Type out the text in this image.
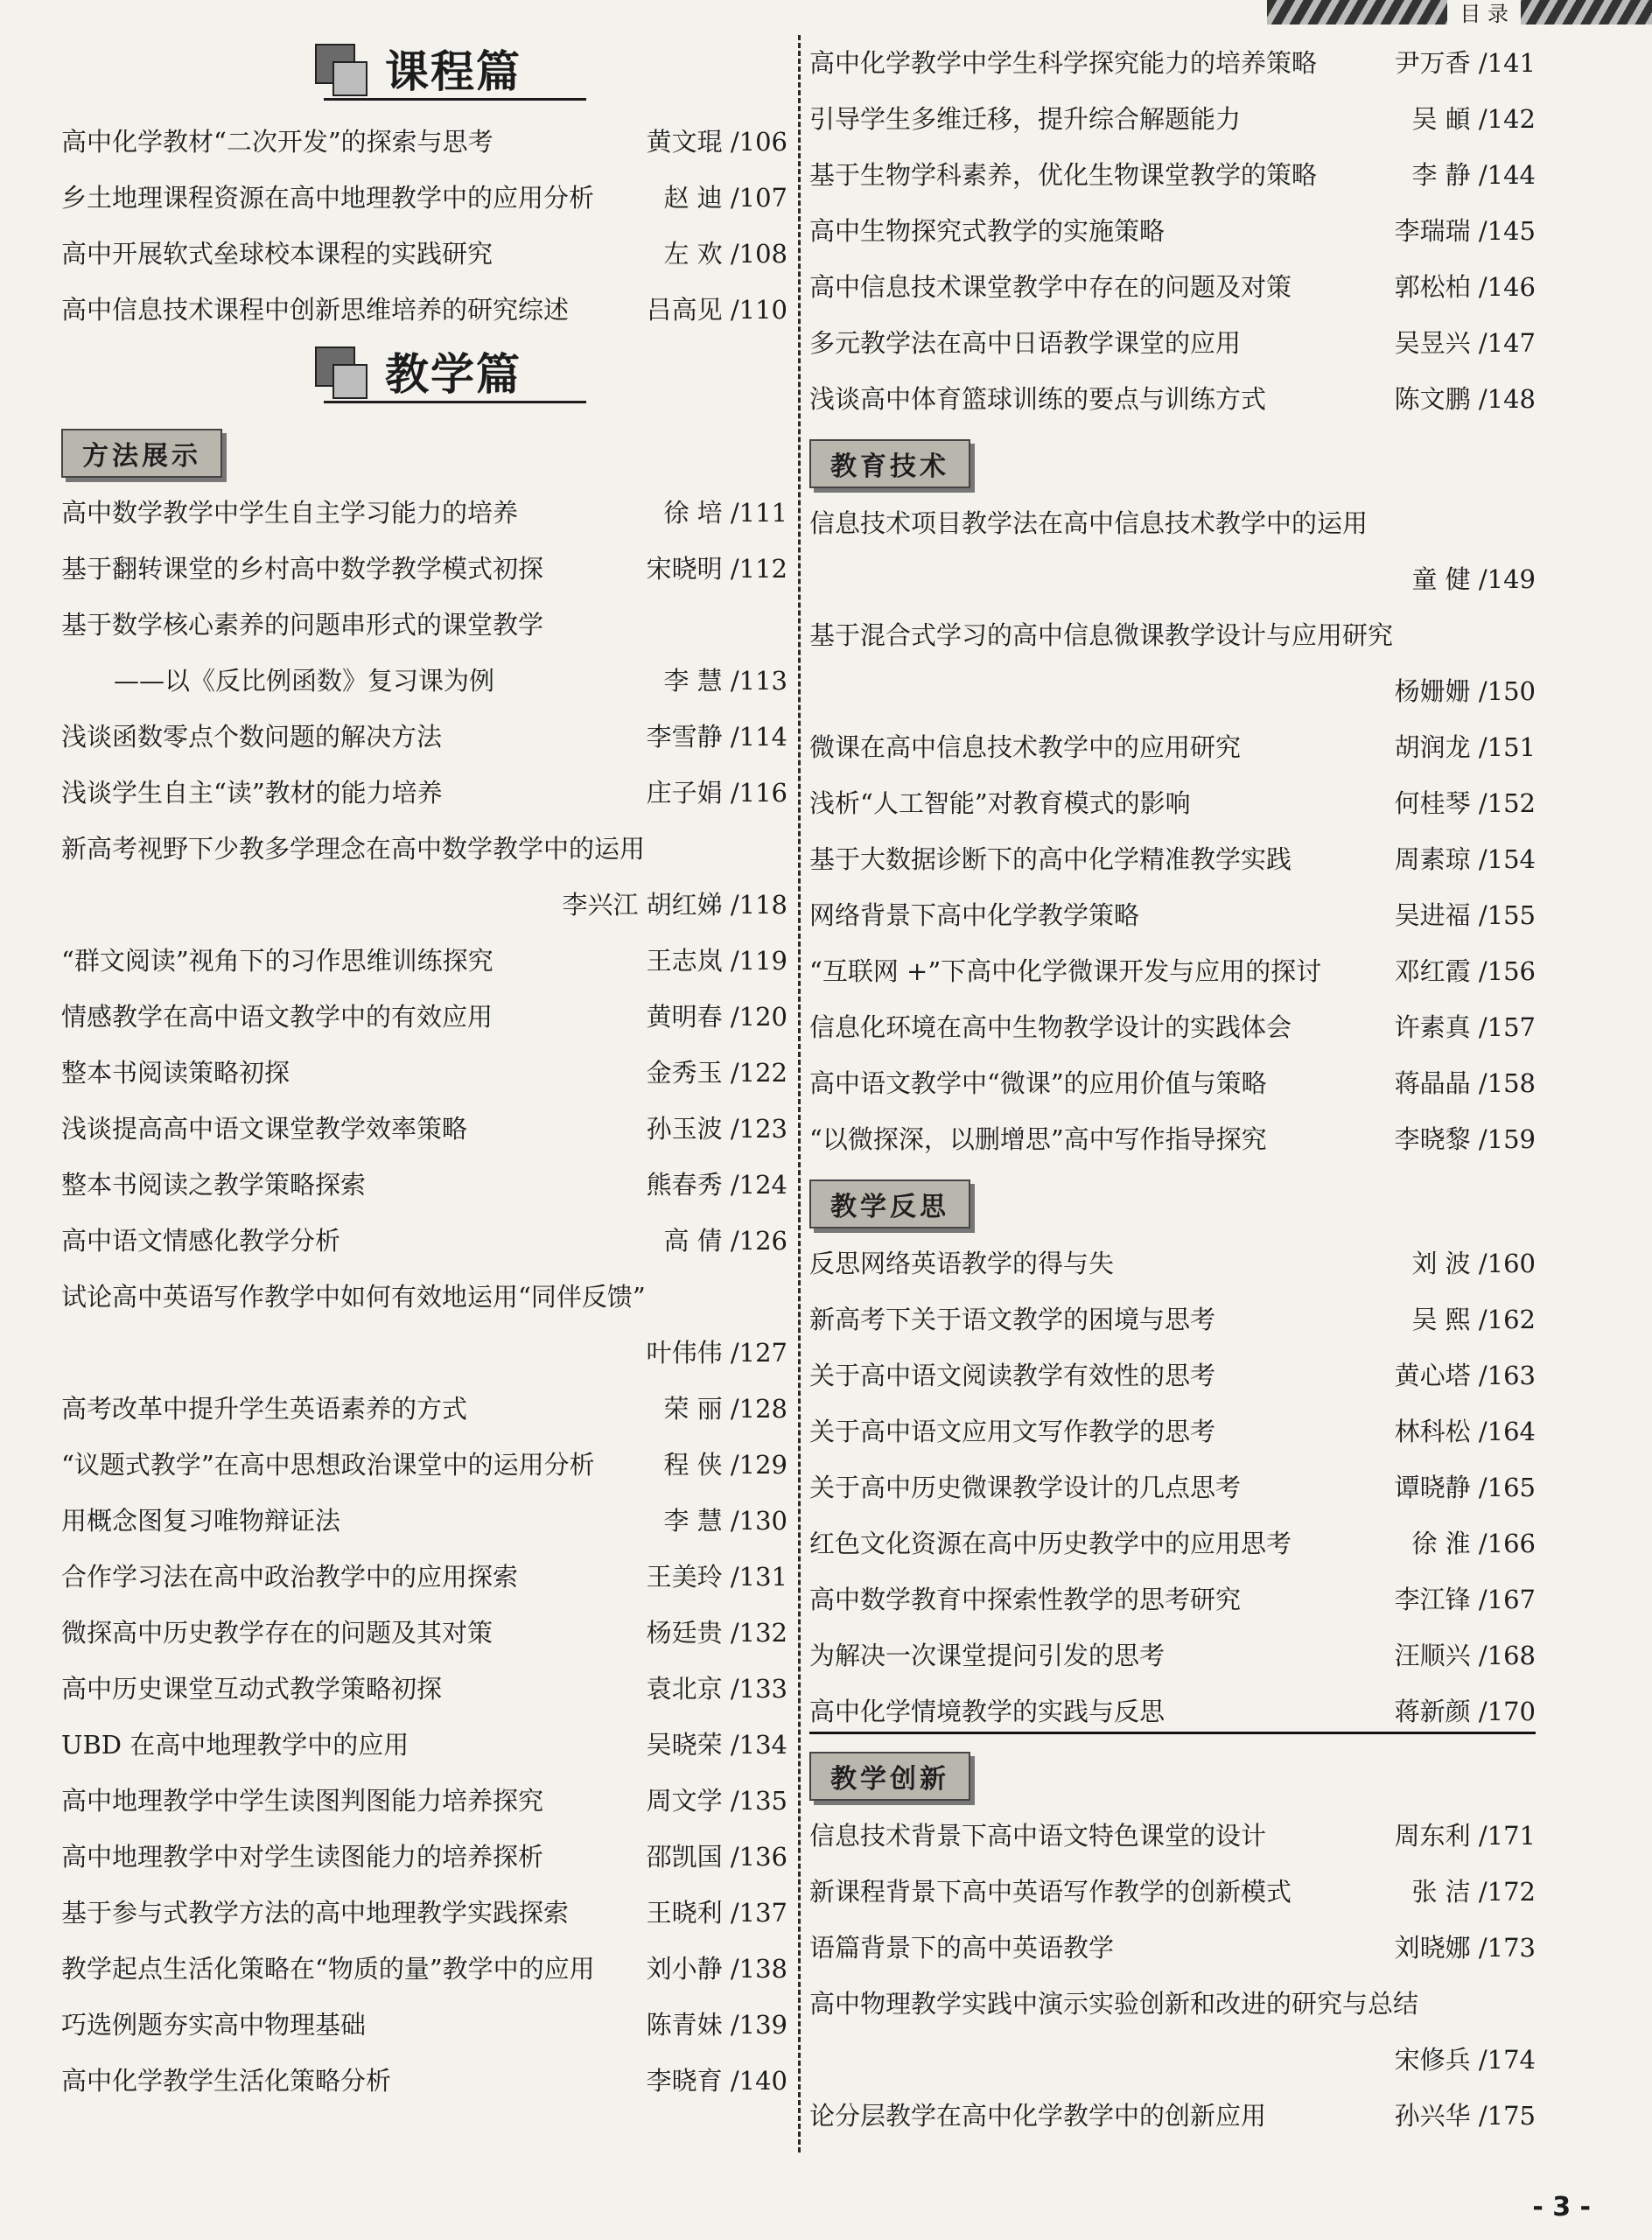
目 录
课程篇
高中化学教材“二次开发”的探索与思考	黄文琨 /106
乡土地理课程资源在高中地理教学中的应用分析	赵 迪 /107
高中开展软式垒球校本课程的实践研究	左 欢 /108
高中信息技术课程中创新思维培养的研究综述	吕高见 /110
教学篇
方法展示
高中数学教学中学生自主学习能力的培养	徐 培 /111
基于翻转课堂的乡村高中数学教学模式初探	宋晓明 /112
基于数学核心素养的问题串形式的课堂教学
——以《反比例函数》复习课为例	李 慧 /113
浅谈函数零点个数问题的解决方法	李雪静 /114
浅谈学生自主“读”教材的能力培养	庄子娟 /116
新高考视野下少教多学理念在高中数学教学中的运用
李兴江 胡红娣 /118
“群文阅读”视角下的习作思维训练探究	王志岚 /119
情感教学在高中语文教学中的有效应用	黄明春 /120
整本书阅读策略初探	金秀玉 /122
浅谈提高高中语文课堂教学效率策略	孙玉波 /123
整本书阅读之教学策略探索	熊春秀 /124
高中语文情感化教学分析	高 倩 /126
试论高中英语写作教学中如何有效地运用“同伴反馈”
叶伟伟 /127
高考改革中提升学生英语素养的方式	荣 丽 /128
“议题式教学”在高中思想政治课堂中的运用分析	程 侠 /129
用概念图复习唯物辩证法	李 慧 /130
合作学习法在高中政治教学中的应用探索	王美玲 /131
微探高中历史教学存在的问题及其对策	杨廷贵 /132
高中历史课堂互动式教学策略初探	袁北京 /133
UBD 在高中地理教学中的应用	吴晓荣 /134
高中地理教学中学生读图判图能力培养探究	周文学 /135
高中地理教学中对学生读图能力的培养探析	邵凯国 /136
基于参与式教学方法的高中地理教学实践探索	王晓利 /137
教学起点生活化策略在“物质的量”教学中的应用 刘小静 /138
巧选例题夯实高中物理基础	陈青妹 /139
高中化学教学生活化策略分析	李晓育 /140
高中化学教学中学生科学探究能力的培养策略	尹万香 /141
引导学生多维迁移，提升综合解题能力	吴 頔 /142
基于生物学科素养，优化生物课堂教学的策略	李 静 /144
高中生物探究式教学的实施策略	李瑞瑞 /145
高中信息技术课堂教学中存在的问题及对策	郭松柏 /146
多元教学法在高中日语教学课堂的应用	吴昱兴 /147
浅谈高中体育篮球训练的要点与训练方式	陈文鹏 /148
教育技术
信息技术项目教学法在高中信息技术教学中的运用
童 健 /149
基于混合式学习的高中信息微课教学设计与应用研究
杨姗姗 /150
微课在高中信息技术教学中的应用研究	胡润龙 /151
浅析“人工智能”对教育模式的影响	何桂琴 /152
基于大数据诊断下的高中化学精准教学实践	周素琼 /154
网络背景下高中化学教学策略	吴进福 /155
“互联网 +”下高中化学微课开发与应用的探讨	邓红霞 /156
信息化环境在高中生物教学设计的实践体会	许素真 /157
高中语文教学中“微课”的应用价值与策略	蒋晶晶 /158
“以微探深，以删增思”高中写作指导探究	李晓黎 /159
教学反思
反思网络英语教学的得与失	刘 波 /160
新高考下关于语文教学的困境与思考	吴 熙 /162
关于高中语文阅读教学有效性的思考	黄心塔 /163
关于高中语文应用文写作教学的思考	林科松 /164
关于高中历史微课教学设计的几点思考	谭晓静 /165
红色文化资源在高中历史教学中的应用思考	徐 淮 /166
高中数学教育中探索性教学的思考研究	李江锋 /167
为解决一次课堂提问引发的思考	汪顺兴 /168
高中化学情境教学的实践与反思	蒋新颜 /170
教学创新
信息技术背景下高中语文特色课堂的设计	周东利 /171
新课程背景下高中英语写作教学的创新模式	张 洁 /172
语篇背景下的高中英语教学	刘晓娜 /173
高中物理教学实践中演示实验创新和改进的研究与总结
宋修兵 /174
论分层教学在高中化学教学中的创新应用	孙兴华 /175
- 3 -
